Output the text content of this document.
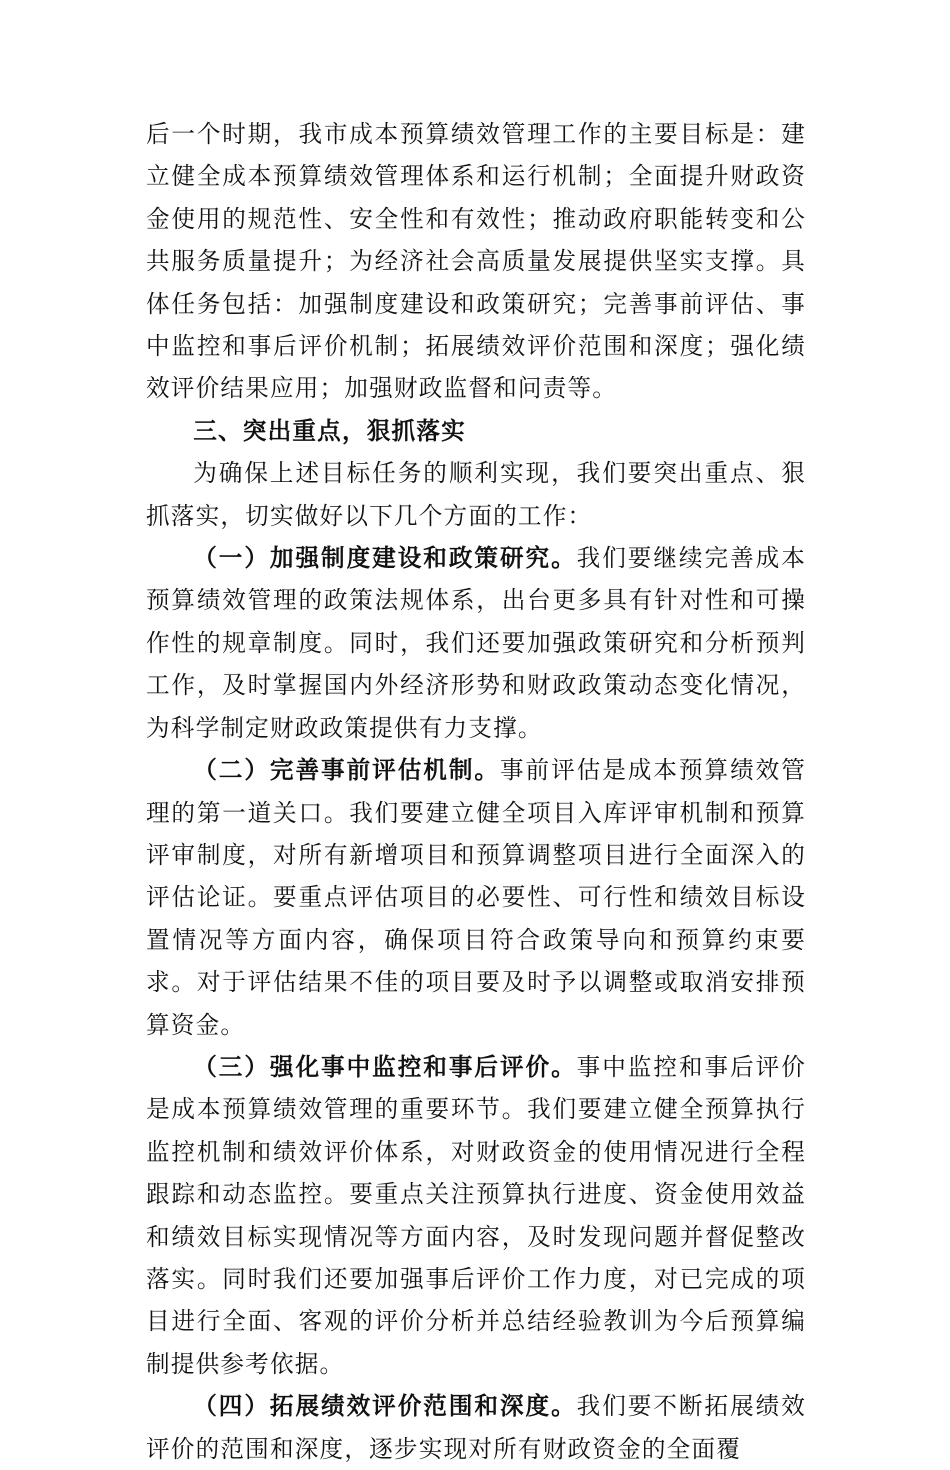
后一个时期，我市成本预算绩效管理工作的主要目标是：建立健全成本预算绩效管理体系和运行机制；全面提升财政资金使用的规范性、安全性和有效性；推动政府职能转变和公共服务质量提升；为经济社会高质量发展提供坚实支撑。具体任务包括：加强制度建设和政策研究；完善事前评估、事中监控和事后评价机制；拓展绩效评价范围和深度；强化绩效评价结果应用；加强财政监督和问责等。

三、突出重点，狠抓落实

为确保上述目标任务的顺利实现，我们要突出重点、狠抓落实，切实做好以下几个方面的工作：

（一）加强制度建设和政策研究。我们要继续完善成本预算绩效管理的政策法规体系，出台更多具有针对性和可操作性的规章制度。同时，我们还要加强政策研究和分析预判工作，及时掌握国内外经济形势和财政政策动态变化情况，为科学制定财政政策提供有力支撑。

（二）完善事前评估机制。事前评估是成本预算绩效管理的第一道关口。我们要建立健全项目入库评审机制和预算评审制度，对所有新增项目和预算调整项目进行全面深入的评估论证。要重点评估项目的必要性、可行性和绩效目标设置情况等方面内容，确保项目符合政策导向和预算约束要求。对于评估结果不佳的项目要及时予以调整或取消安排预算资金。

（三）强化事中监控和事后评价。事中监控和事后评价是成本预算绩效管理的重要环节。我们要建立健全预算执行监控机制和绩效评价体系，对财政资金的使用情况进行全程跟踪和动态监控。要重点关注预算执行进度、资金使用效益和绩效目标实现情况等方面内容，及时发现问题并督促整改落实。同时我们还要加强事后评价工作力度，对已完成的项目进行全面、客观的评价分析并总结经验教训为今后预算编制提供参考依据。

（四）拓展绩效评价范围和深度。我们要不断拓展绩效评价的范围和深度，逐步实现对所有财政资金的全面覆
